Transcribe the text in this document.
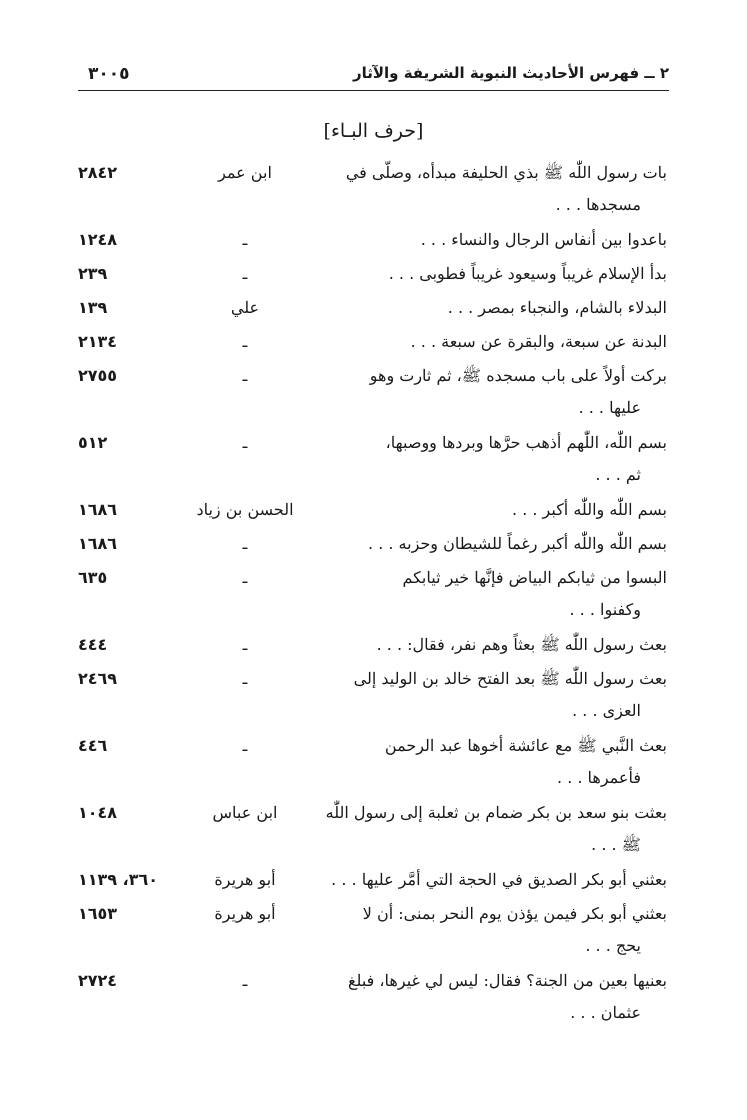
٢ ــ فهرس الأحاديث النبوية الشريفة والآثار
٣٠٠٥
[حرف البـاء]
بات رسول اللّٰه ﷺ بذي الحليفة مبدأه، وصلّى في
مسجدها . . .
ابن عمر
٢٨٤٢
باعدوا بين أنفاس الرجال والنساء . . .
ـ
١٢٤٨
بدأ الإسلام غريباً وسيعود غريباً فطوبى . . .
ـ
٢٣٩
البدلاء بالشام، والنجباء بمصر . . .
علي
١٣٩
البدنة عن سبعة، والبقرة عن سبعة . . .
ـ
٢١٣٤
بركت أولاً على باب مسجده ﷺ، ثم ثارت وهو
عليها . . .
ـ
٢٧٥٥
بسم اللّٰه، اللّٰهم أذهب حرَّها وبردها ووصبها،
ثم . . .
ـ
٥١٢
بسم اللّٰه واللّٰه أكبر . . .
الحسن بن زياد
١٦٨٦
بسم اللّٰه واللّٰه أكبر رغماً للشيطان وحزبه . . .
ـ
١٦٨٦
البسوا من ثيابكم البياض فإنَّها خير ثيابكم
وكفنوا . . .
ـ
٦٣٥
بعث رسول اللّٰه ﷺ بعثاً وهم نفر، فقال: . . .
ـ
٤٤٤
بعث رسول اللّٰه ﷺ بعد الفتح خالد بن الوليد إلى
العزى . . .
ـ
٢٤٦٩
بعث النَّبي ﷺ مع عائشة أخوها عبد الرحمن
فأعمرها . . .
ـ
٤٤٦
بعثت بنو سعد بن بكر ضمام بن ثعلبة إلى رسول اللّٰه
ﷺ . . .
ابن عباس
١٠٤٨
بعثني أبو بكر الصديق في الحجة التي أمَّر عليها . . .
أبو هريرة
٣٦٠، ١١٣٩
بعثني أبو بكر فيمن يؤذن يوم النحر بمنى: أن لا
يحج . . .
أبو هريرة
١٦٥٣
بعنيها بعين من الجنة؟ فقال: ليس لي غيرها، فبلغ
عثمان . . .
ـ
٢٧٢٤
